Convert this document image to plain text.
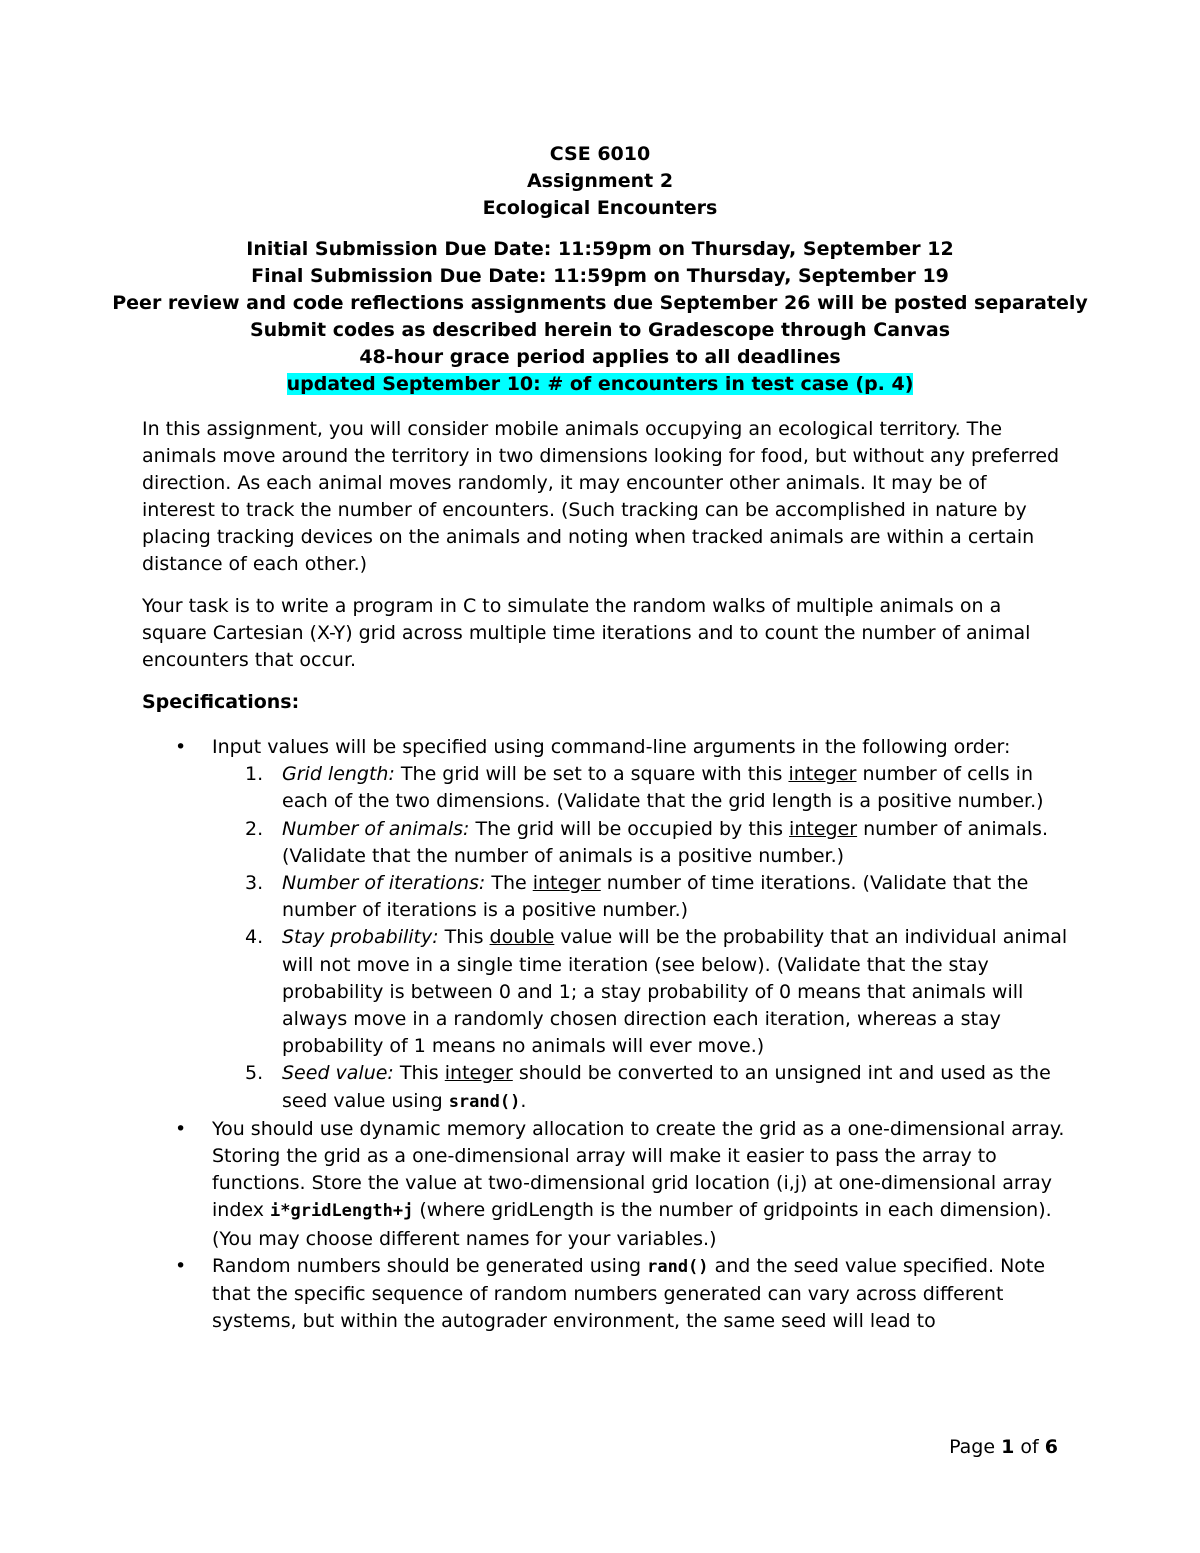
CSE 6010
Assignment 2
Ecological Encounters
Initial Submission Due Date: 11:59pm on Thursday, September 12
Final Submission Due Date: 11:59pm on Thursday, September 19
Peer review and code reflections assignments due September 26 will be posted separately
Submit codes as described herein to Gradescope through Canvas
48-hour grace period applies to all deadlines
updated September 10: # of encounters in test case (p. 4)
In this assignment, you will consider mobile animals occupying an ecological territory. The animals move around the territory in two dimensions looking for food, but without any preferred direction. As each animal moves randomly, it may encounter other animals. It may be of interest to track the number of encounters. (Such tracking can be accomplished in nature by placing tracking devices on the animals and noting when tracked animals are within a certain distance of each other.)
Your task is to write a program in C to simulate the random walks of multiple animals on a square Cartesian (X-Y) grid across multiple time iterations and to count the number of animal encounters that occur.
Specifications:
•	Input values will be specified using command-line arguments in the following order:
1. Grid length: The grid will be set to a square with this integer number of cells in each of the two dimensions. (Validate that the grid length is a positive number.)
2. Number of animals: The grid will be occupied by this integer number of animals. (Validate that the number of animals is a positive number.)
3. Number of iterations: The integer number of time iterations. (Validate that the number of iterations is a positive number.)
4. Stay probability: This double value will be the probability that an individual animal will not move in a single time iteration (see below). (Validate that the stay probability is between 0 and 1; a stay probability of 0 means that animals will always move in a randomly chosen direction each iteration, whereas a stay probability of 1 means no animals will ever move.)
5. Seed value: This integer should be converted to an unsigned int and used as the seed value using srand().
•	You should use dynamic memory allocation to create the grid as a one-dimensional array. Storing the grid as a one-dimensional array will make it easier to pass the array to functions. Store the value at two-dimensional grid location (i,j) at one-dimensional array index i*gridLength+j (where gridLength is the number of gridpoints in each dimension). (You may choose different names for your variables.)
•	Random numbers should be generated using rand() and the seed value specified. Note that the specific sequence of random numbers generated can vary across different systems, but within the autograder environment, the same seed will lead to
Page 1 of 6
